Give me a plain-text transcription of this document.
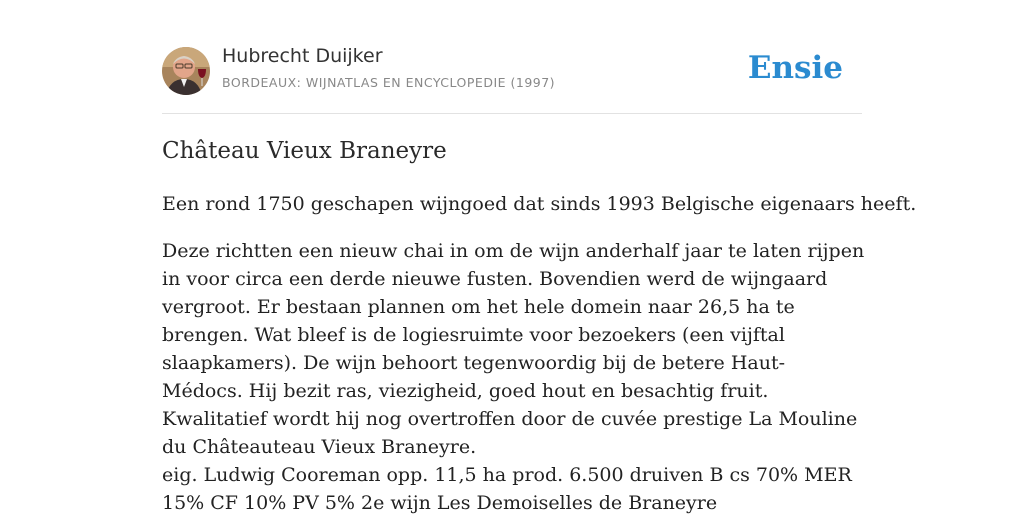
Hubrecht Duijker
BORDEAUX: WIJNATLAS EN ENCYCLOPEDIE (1997)	Ensie
Château Vieux Braneyre

Een rond 1750 geschapen wijngoed dat sinds 1993 Belgische eigenaars heeft.

Deze richtten een nieuw chai in om de wijn anderhalf jaar te laten rijpen in voor circa een derde nieuwe fusten. Bovendien werd de wijngaard vergroot. Er bestaan plannen om het hele domein naar 26,5 ha te brengen. Wat bleef is de logiesruimte voor bezoekers (een vijftal slaapkamers). De wijn behoort tegenwoordig bij de betere Haut- Médocs. Hij bezit ras, viezigheid, goed hout en besachtig fruit. Kwalitatief wordt hij nog overtroffen door de cuvée prestige La Mouline du Châteauteau Vieux Braneyre.

eig. Ludwig Cooreman opp. 11,5 ha prod. 6.500 druiven B cs 70% MER 15% CF 10% PV 5% 2e wijn Les Demoiselles de Braneyre
